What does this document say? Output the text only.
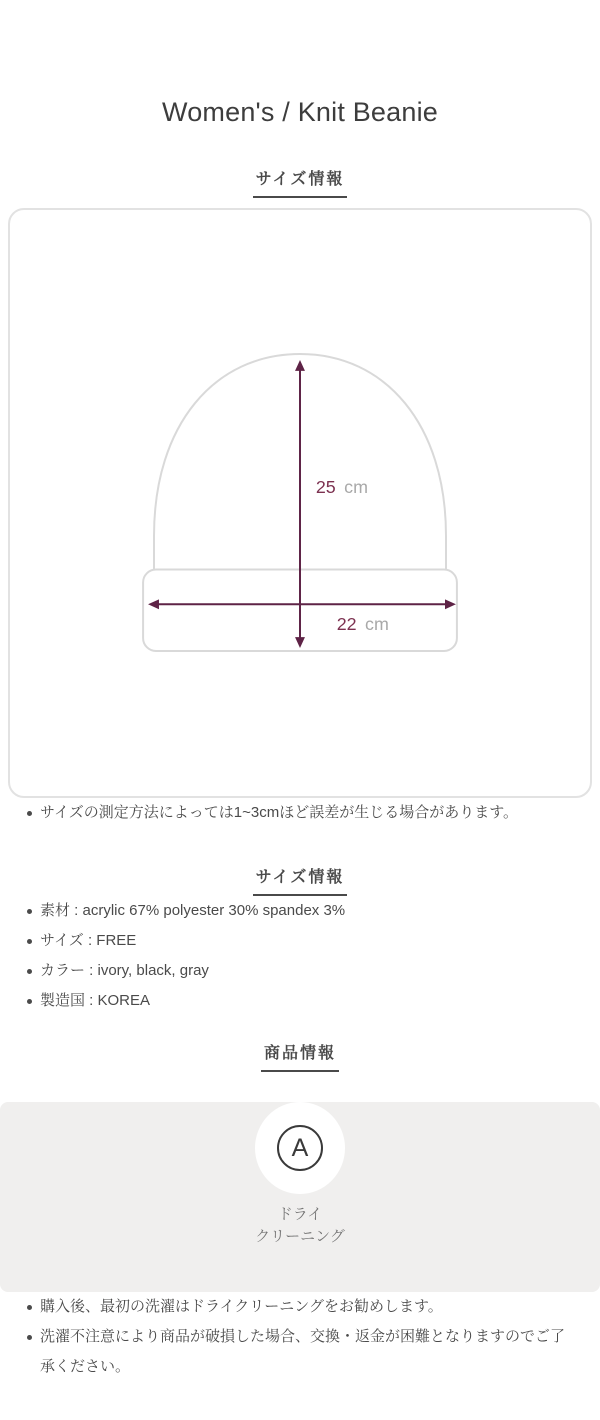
Women's / Knit Beanie
サイズ情報
25 cm
22 cm
サイズの測定方法によっては1~3cmほど誤差が生じる場合があります。
サイズ情報
素材 : acrylic 67% polyester 30% spandex 3%
サイズ : FREE
カラー : ivory, black, gray
製造国 : KOREA
商品情報
A
ドライ
クリーニング
購入後、最初の洗濯はドライクリーニングをお勧めします。
洗濯不注意により商品が破損した場合、交換・返金が困難となりますのでご了承ください。
